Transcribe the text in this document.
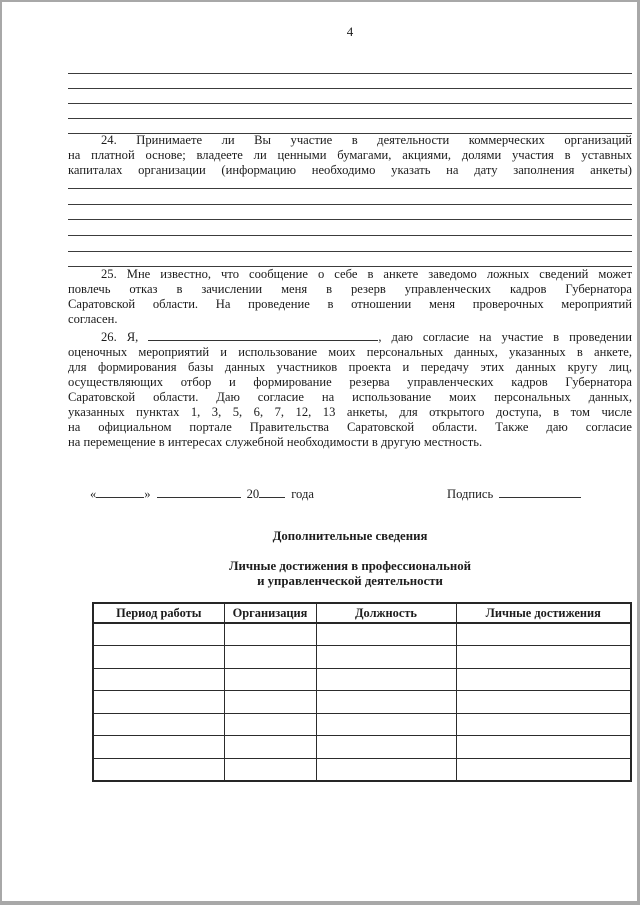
4
24. Принимаете ли Вы участие в деятельности коммерческих организаций
на платной основе; владеете ли ценными бумагами, акциями, долями участия в уставных
капиталах организации (информацию необходимо указать на дату заполнения анкеты)
25. Мне известно, что сообщение о себе в анкете заведомо ложных сведений может
повлечь отказ в зачислении меня в резерв управленческих кадров Губернатора
Саратовской области. На проведение в отношении меня проверочных мероприятий
согласен.
26. Я,	, даю согласие на участие в проведении
оценочных мероприятий и использование моих персональных данных, указанных в анкете,
для формирования базы данных участников проекта и передачу этих данных кругу лиц,
осуществляющих отбор и формирование резерва управленческих кадров Губернатора
Саратовской области. Даю согласие на использование моих персональных данных,
указанных пунктах 1, 3, 5, 6, 7, 12, 13 анкеты, для открытого доступа, в том числе
на официальном портале Правительства Саратовской области. Также даю согласие
на перемещение в интересах служебной необходимости в другую местность.
«	»	20	года	Подпись
Дополнительные сведения
Личные достижения в профессиональной
и управленческой деятельности
Период работы	Организация	Должность	Личные достижения
